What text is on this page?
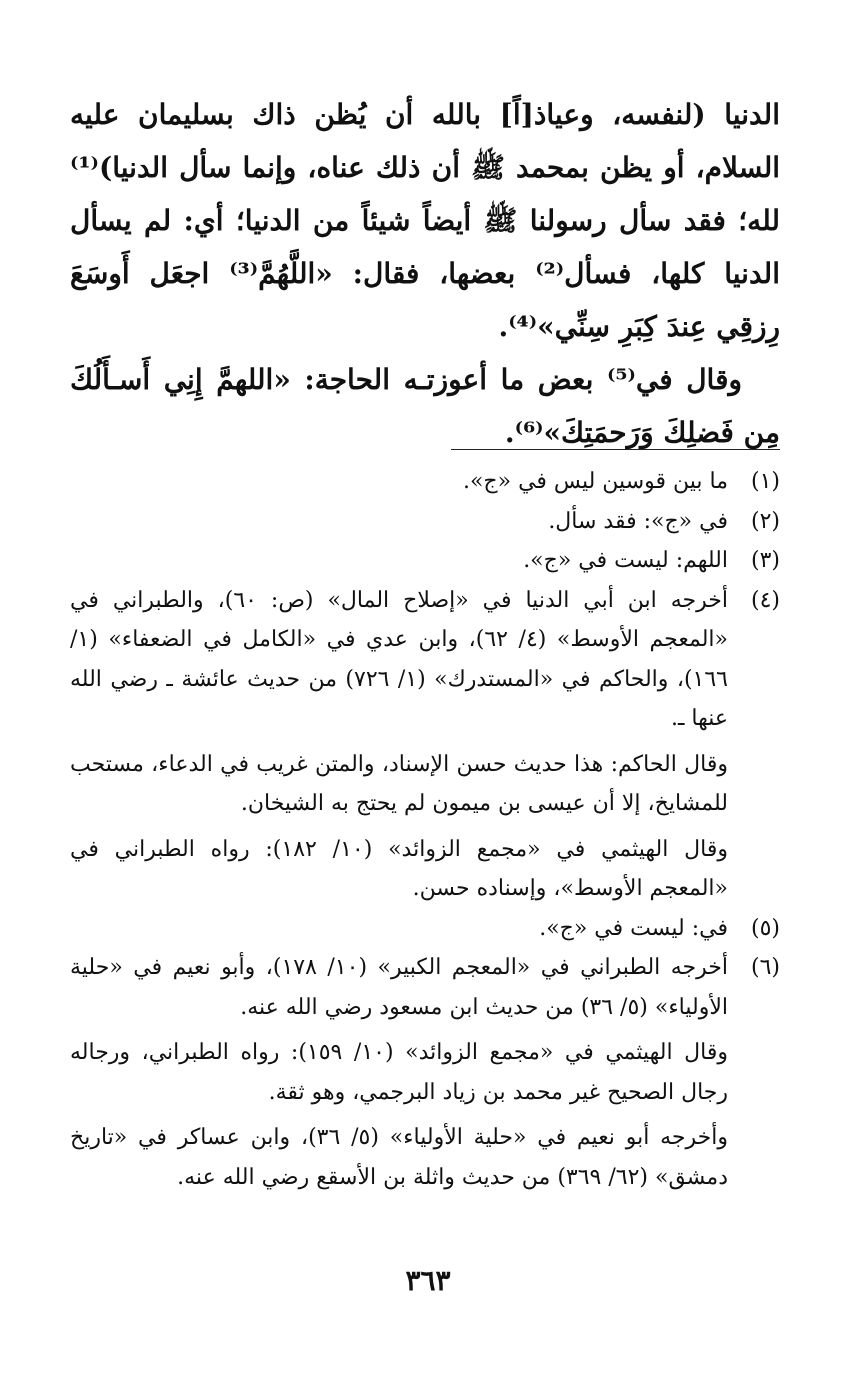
الدنيا (لنفسه، وعياذ[اً] بالله أن يُظن ذاك بسليمان عليه السلام، أو يظن بمحمد ﷺ أن ذلك عناه، وإنما سأل الدنيا)⁽¹⁾ لله؛ فقد سأل رسولنا ﷺ أيضاً شيئاً من الدنيا؛ أي: لم يسأل الدنيا كلها، فسأل⁽²⁾ بعضها، فقال: «اللَّهُمَّ⁽³⁾ اجعَل أَوسَعَ رِزقِي عِندَ كِبَرِ سِنِّي»⁽⁴⁾.

وقال في⁽⁵⁾ بعض ما أعوزتـه الحاجة: «اللهمَّ إِنِي أَسـأَلُكَ مِن فَضلِكَ وَرَحمَتِكَ»⁽⁶⁾.

(١)
ما بين قوسين ليس في «ج».
(٢)
في «ج»: فقد سأل.
(٣)
اللهم: ليست في «ج».
(٤)
أخرجه ابن أبي الدنيا في «إصلاح المال» (ص: ٦٠)، والطبراني في «المعجم الأوسط» (٤/ ٦٢)، وابن عدي في «الكامل في الضعفاء» (١/ ١٦٦)، والحاكم في «المستدرك» (١/ ٧٢٦) من حديث عائشة ـ رضي الله عنها ـ.
وقال الحاكم: هذا حديث حسن الإسناد، والمتن غريب في الدعاء، مستحب للمشايخ، إلا أن عيسى بن ميمون لم يحتج به الشيخان.
وقال الهيثمي في «مجمع الزوائد» (١٠/ ١٨٢): رواه الطبراني في «المعجم الأوسط»، وإسناده حسن.
(٥)
في: ليست في «ج».
(٦)
أخرجه الطبراني في «المعجم الكبير» (١٠/ ١٧٨)، وأبو نعيم في «حلية الأولياء» (٥/ ٣٦) من حديث ابن مسعود رضي الله عنه.
وقال الهيثمي في «مجمع الزوائد» (١٠/ ١٥٩): رواه الطبراني، ورجاله رجال الصحيح غير محمد بن زياد البرجمي، وهو ثقة.
وأخرجه أبو نعيم في «حلية الأولياء» (٥/ ٣٦)، وابن عساكر في «تاريخ دمشق» (٦٢/ ٣٦٩) من حديث واثلة بن الأسقع رضي الله عنه.
٣٦٣
